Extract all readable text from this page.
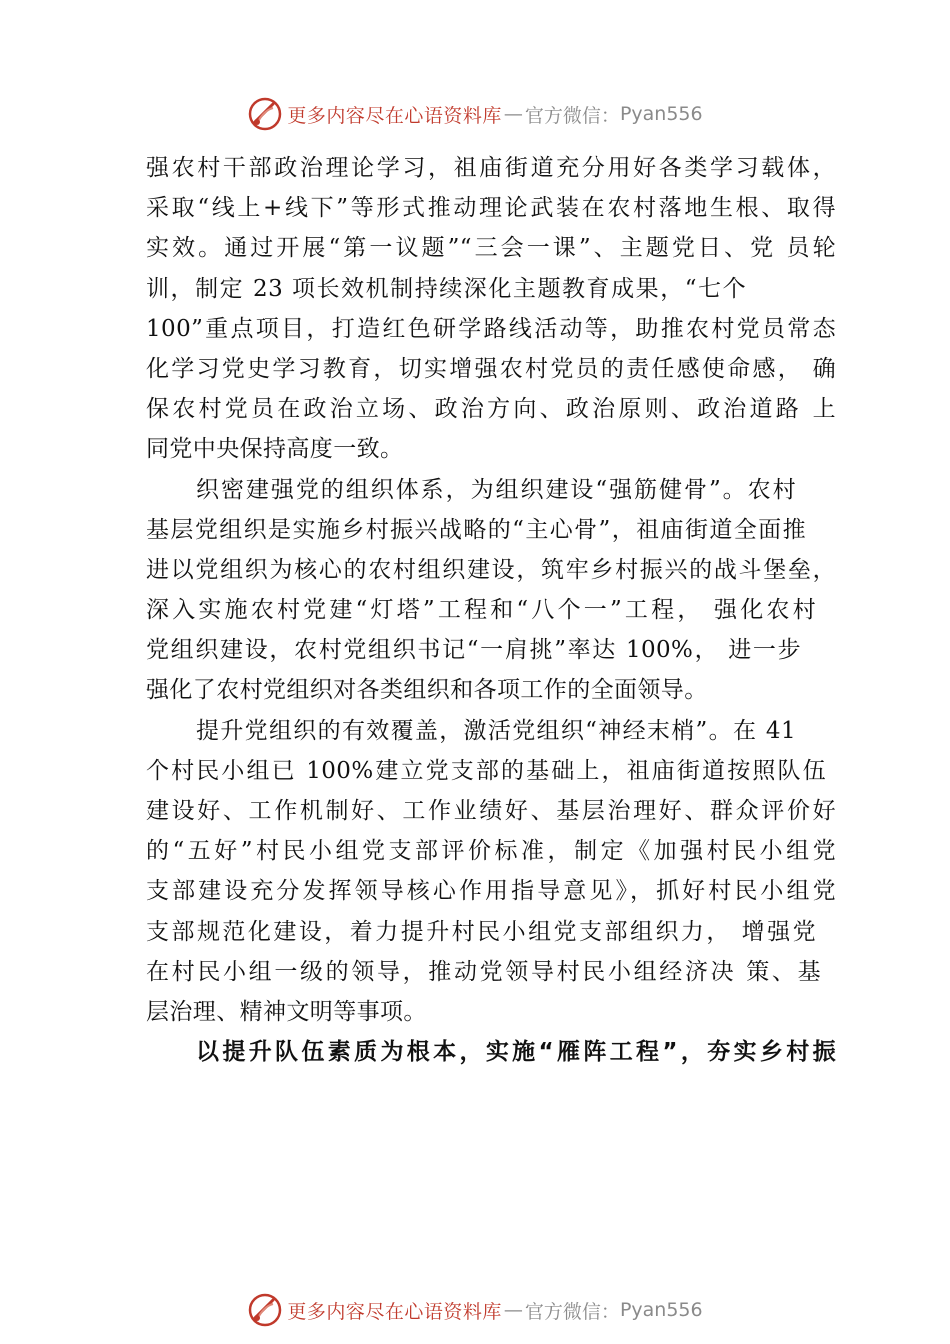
更多内容尽在心语资料库 — 官方微信： Pyan556
强农村干部政治理论学习，祖庙街道充分用好各类学习载体，
采取“线上+线下”等形式推动理论武装在农村落地生根、取得
实效。通过开展“第一议题”“三会一课”、主题党日、党 员轮
训，制定 23 项长效机制持续深化主题教育成果，“七个
100”重点项目，打造红色研学路线活动等，助推农村党员常态
化学习党史学习教育，切实增强农村党员的责任感使命感， 确
保农村党员在政治立场、政治方向、政治原则、政治道路 上
同党中央保持高度一致。
织密建强党的组织体系，为组织建设“强筋健骨”。农村
基层党组织是实施乡村振兴战略的“主心骨”，祖庙街道全面推
进以党组织为核心的农村组织建设，筑牢乡村振兴的战斗堡垒，
深入实施农村党建“灯塔”工程和“八个一”工程， 强化农村
党组织建设，农村党组织书记“一肩挑”率达 100%， 进一步
强化了农村党组织对各类组织和各项工作的全面领导。
提升党组织的有效覆盖，激活党组织“神经末梢”。在 41
个村民小组已 100%建立党支部的基础上，祖庙街道按照队伍
建设好、工作机制好、工作业绩好、基层治理好、群众评价好
的“五好”村民小组党支部评价标准，制定《加强村民小组党
支部建设充分发挥领导核心作用指导意见》，抓好村民小组党
支部规范化建设，着力提升村民小组党支部组织力， 增强党
在村民小组一级的领导，推动党领导村民小组经济决 策、基
层治理、精神文明等事项。
以提升队伍素质为根本，实施“雁阵工程”，夯实乡村振
更多内容尽在心语资料库 — 官方微信： Pyan556
